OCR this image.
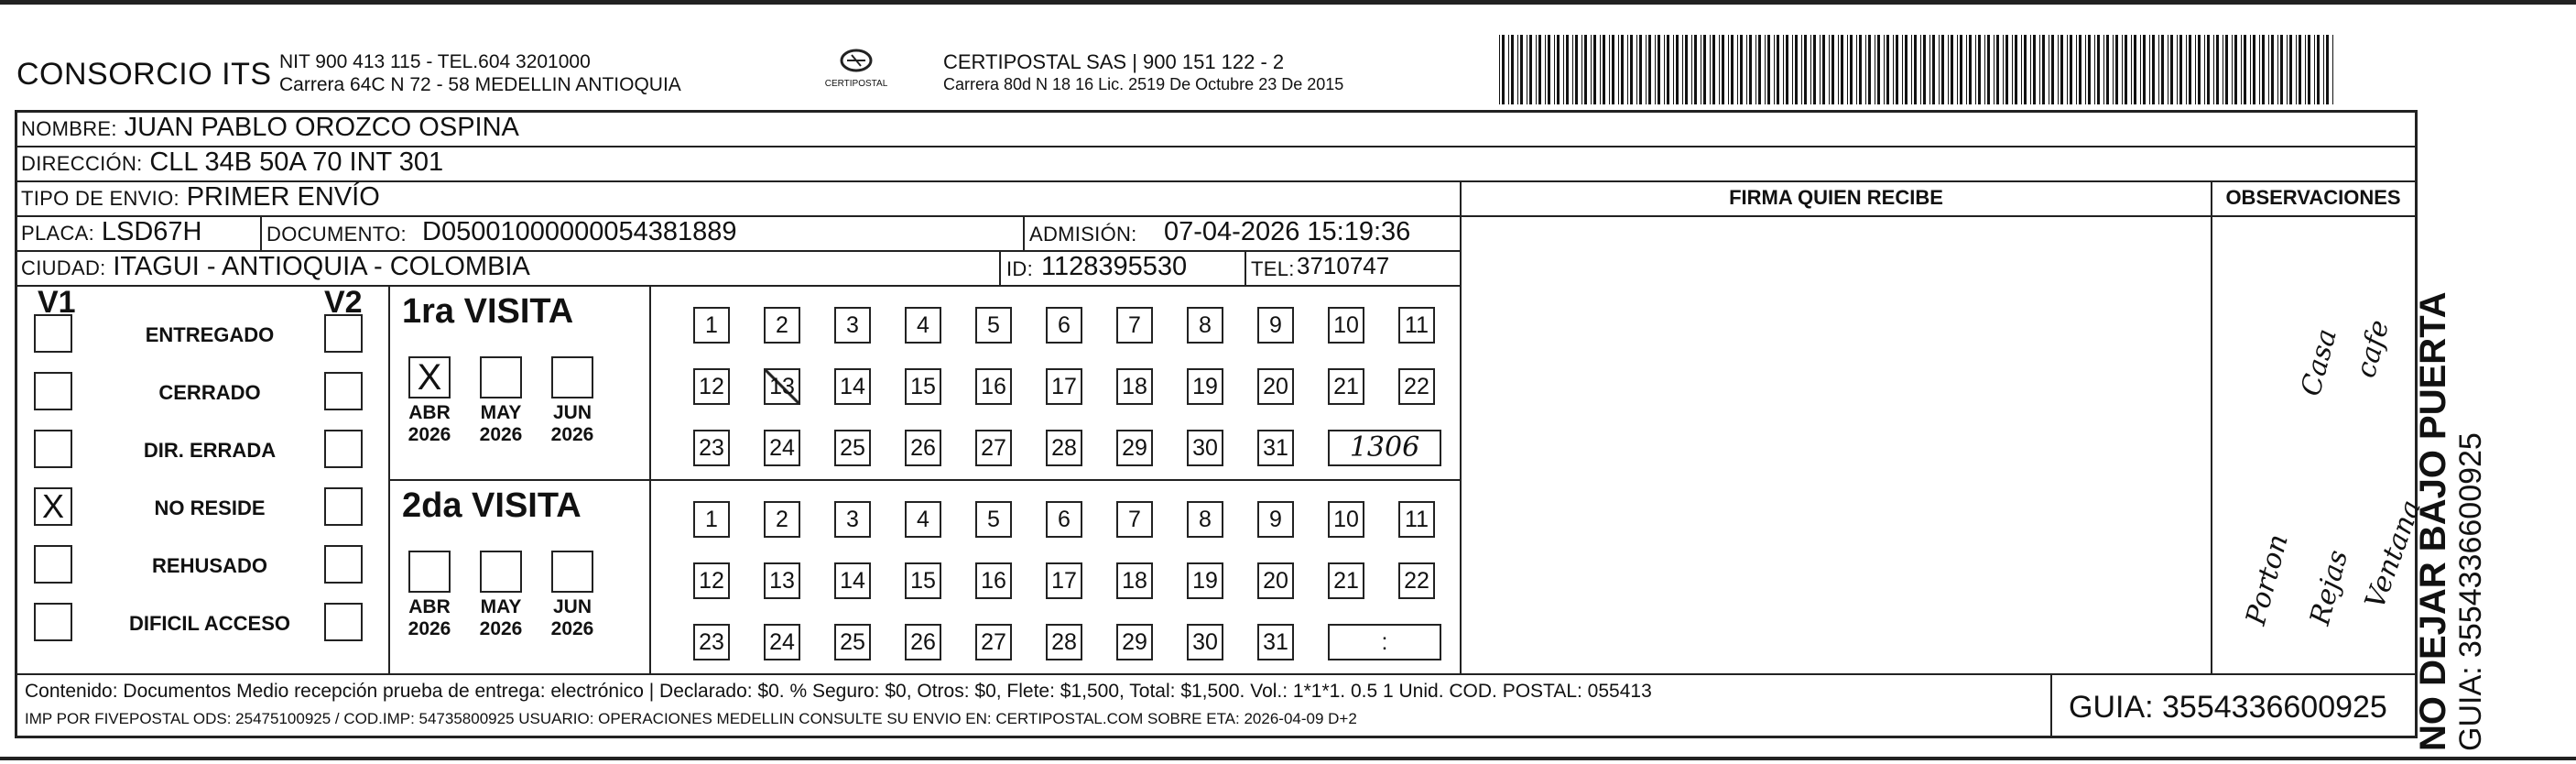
CONSORCIO ITS NIT 900 413 115 - TEL.604 3201000
Carrera 64C N 72 - 58 MEDELLIN ANTIOQUIA	CERTIPOSTAL
CERTIPOSTAL SAS | 900 151 122 - 2
Carrera 80d N 18 16 Lic. 2519 De Octubre 23 De 2015
NOMBRE: JUAN PABLO OROZCO OSPINA
DIRECCIÓN: CLL 34B 50A 70 INT 301
TIPO DE ENVIO: PRIMER ENVÍO
PLACA: LSD67H	DOCUMENTO: D05001000000054381889	ADMISIÓN: 07-04-2026 15:19:36
CIUDAD: ITAGUI - ANTIOQUIA - COLOMBIA	ID: 1128395530	TEL: 3710747
FIRMA QUIEN RECIBE	OBSERVACIONES
Casa cafe
Porton Rejas Ventana
V1	V2
ENTREGADO
CERRADO
DIR. ERRADA
X	NO RESIDE
REHUSADO
DIFICIL ACCESO
1ra VISITA
X
ABR
2026
MAY
2026
JUN
2026
1	2	3	4	5	6	7	8	9	10 11
12 13 14 15 16 17 18 19 20 21 22
23 24 25 26 27 28 29 30 31	1306
2da VISITA
ABR
2026
MAY
2026
JUN
2026
1	2	3	4	5	6	7	8	9	10 11
12 13 14 15 16 17 18 19 20 21 22
23 24 25 26 27 28 29 30 31	:
Contenido: Documentos Medio recepción prueba de entrega: electrónico | Declarado: $0. % Seguro: $0, Otros: $0, Flete: $1,500, Total: $1,500. Vol.: 1*1*1. 0.5 1 Unid. COD. POSTAL: 055413
IMP POR FIVEPOSTAL ODS: 25475100925 / COD.IMP: 54735800925 USUARIO: OPERACIONES MEDELLIN CONSULTE SU ENVIO EN: CERTIPOSTAL.COM SOBRE ETA: 2026-04-09 D+2	GUIA: 3554336600925 NO DEJAR BAJO PUERTA GUIA: 3554336600925
